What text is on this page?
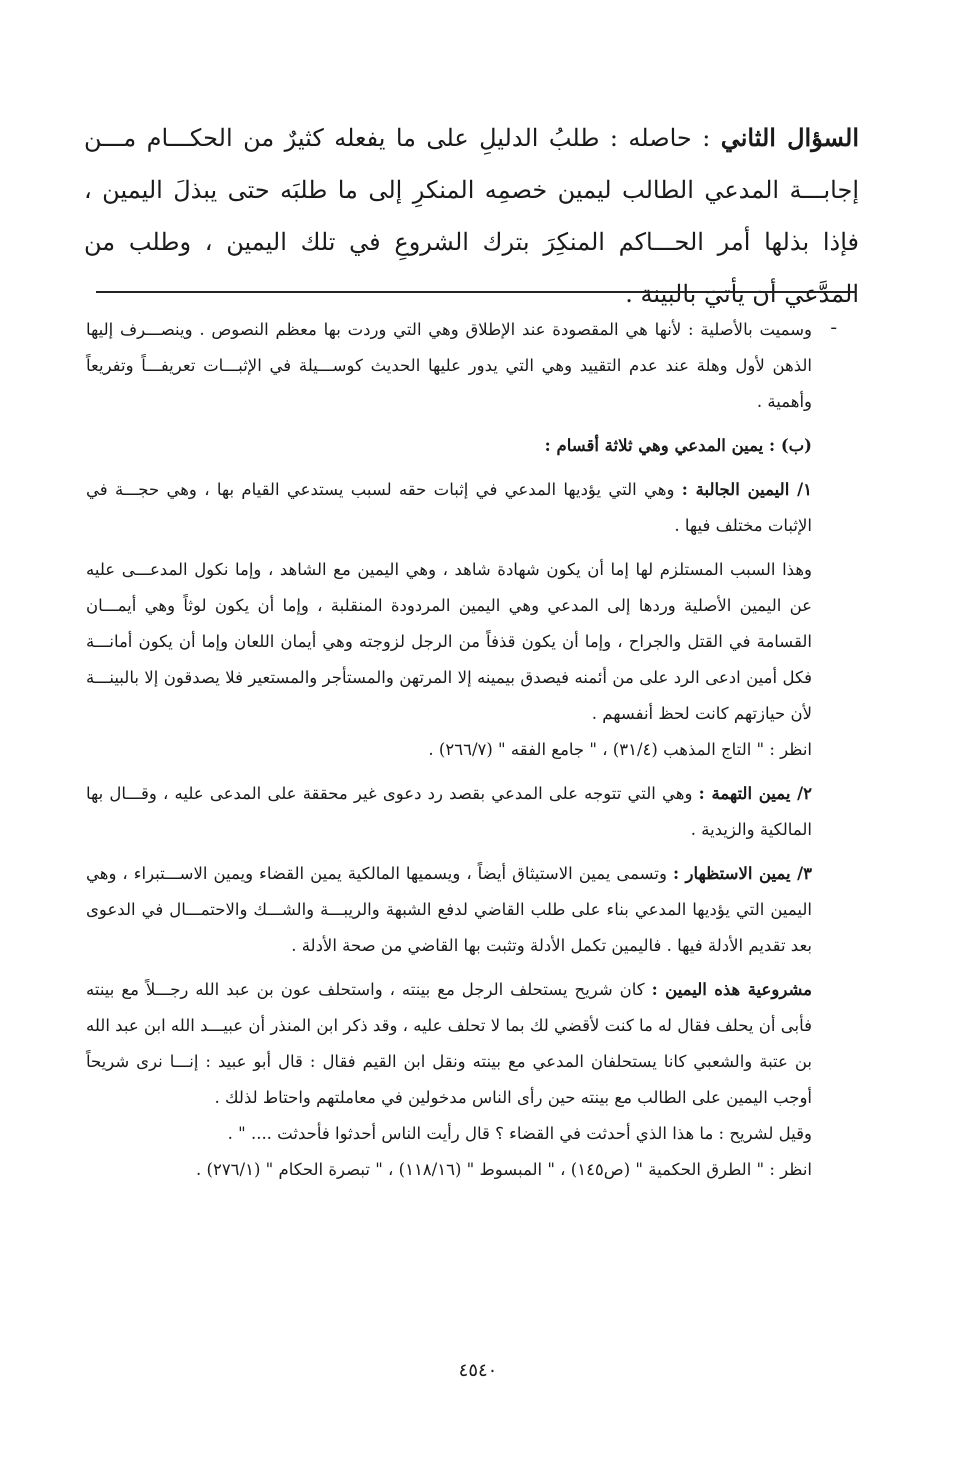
السؤال الثاني : حاصله : طلبُ الدليلِ على ما يفعله كثيرٌ من الحكـــام مـــن إجابـــة المدعي الطالب ليمين خصمِه المنكرِ إلى ما طلبَه حتى يبذلَ اليمين ، فإذا بذلها أمر الحـــاكم المنكِرَ بترك الشروعِ في تلك اليمين ، وطلب من المدَّعي أن يأتيَ بالبينة .
ـ

وسميت بالأصلية : لأنها هي المقصودة عند الإطلاق وهي التي وردت بها معظم النصوص . وينصـــرف إليها الذهن لأول وهلة عند عدم التقييد وهي التي يدور عليها الحديث كوســـيلة في الإثبـــات تعريفـــاً وتفريعاً وأهمية .

(ب) : يمين المدعي وهي ثلاثة أقسام :

١/ اليمين الجالبة : وهي التي يؤديها المدعي في إثبات حقه لسبب يستدعي القيام بها ، وهي حجـــة في الإثبات مختلف فيها .

وهذا السبب المستلزم لها إما أن يكون شهادة شاهد ، وهي اليمين مع الشاهد ، وإما نكول المدعـــى عليه عن اليمين الأصلية وردها إلى المدعي وهي اليمين المردودة المنقلبة ، وإما أن يكون لوثاً وهي أيمـــان القسامة في القتل والجراح ، وإما أن يكون قذفاً من الرجل لزوجته وهي أيمان اللعان وإما أن يكون أمانـــة فكل أمين ادعى الرد على من أئمنه فيصدق بيمينه إلا المرتهن والمستأجر والمستعير فلا يصدقون إلا بالبينـــة لأن حيازتهم كانت لحظ أنفسهم .

انظر : " التاج المذهب (٣١/٤) ، " جامع الفقه " (٢٦٦/٧) .

٢/ يمين التهمة : وهي التي تتوجه على المدعي بقصد رد دعوى غير محققة على المدعى عليه ، وقـــال بها المالكية والزيدية .

٣/ يمين الاستظهار : وتسمى يمين الاستيثاق أيضاً ، ويسميها المالكية يمين القضاء ويمين الاســـتبراء ، وهي اليمين التي يؤديها المدعي بناء على طلب القاضي لدفع الشبهة والريبـــة والشـــك والاحتمـــال في الدعوى بعد تقديم الأدلة فيها . فاليمين تكمل الأدلة وتثبت بها القاضي من صحة الأدلة .

مشروعية هذه اليمين : كان شريح يستحلف الرجل مع بينته ، واستحلف عون بن عبد الله رجـــلاً مع بينته فأبى أن يحلف فقال له ما كنت لأقضي لك بما لا تحلف عليه ، وقد ذكر ابن المنذر أن عبيـــد الله ابن عبد الله بن عتبة والشعبي كانا يستحلفان المدعي مع بينته ونقل ابن القيم فقال : قال أبو عبيد : إنـــا نرى شريحاً أوجب اليمين على الطالب مع بينته حين رأى الناس مدخولين في معاملتهم واحتاط لذلك .

وقيل لشريح : ما هذا الذي أحدثت في القضاء ؟ قال رأيت الناس أحدثوا فأحدثت .... " .

انظر : " الطرق الحكمية " (ص١٤٥) ، " المبسوط " (١١٨/١٦) ، " تبصرة الحكام " (٢٧٦/١) .

٤٥٤٠
